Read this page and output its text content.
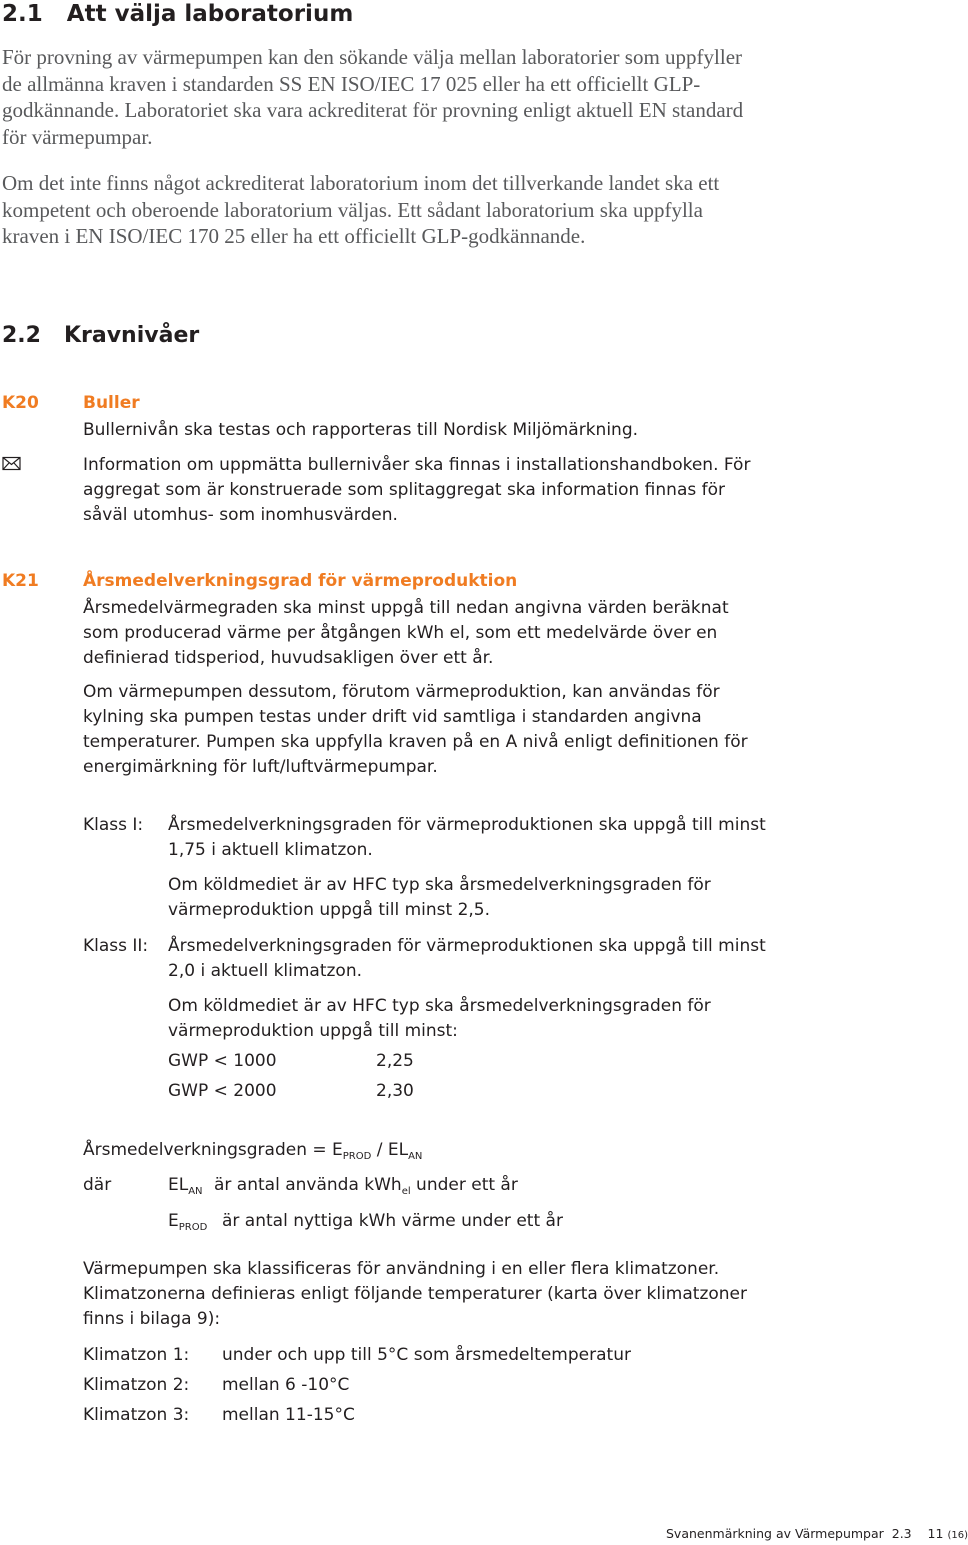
2.1 Att välja laboratorium

För provning av värmepumpen kan den sökande välja mellan laboratorier som uppfyller de allmänna kraven i standarden SS EN ISO/IEC 17 025 eller ha ett officiellt GLP-godkännande. Laboratoriet ska vara ackrediterat för provning enligt aktuell EN standard för värmepumpar.

Om det inte finns något ackrediterat laboratorium inom det tillverkande landet ska ett kompetent och oberoende laboratorium väljas. Ett sådant laboratorium ska uppfylla kraven i EN ISO/IEC 170 25 eller ha ett officiellt GLP-godkännande.

2.2 Kravnivåer
K20	Buller

Bullernivån ska testas och rapporteras till Nordisk Miljömärkning.

Information om uppmätta bullernivåer ska finnas i installationshandboken. För aggregat som är konstruerade som splitaggregat ska information finnas för såväl utomhus- som inomhusvärden.

K21	Årsmedelverkningsgrad för värmeproduktion

Årsmedelvärmegraden ska minst uppgå till nedan angivna värden beräknat som producerad värme per åtgången kWh el, som ett medelvärde över en definierad tidsperiod, huvudsakligen över ett år.

Om värmepumpen dessutom, förutom värmeproduktion, kan användas för kylning ska pumpen testas under drift vid samtliga i standarden angivna temperaturer. Pumpen ska uppfylla kraven på en A nivå enligt definitionen för energimärkning för luft/luftvärmepumpar.

Klass I: Årsmedelverkningsgraden för värmeproduktionen ska uppgå till minst 1,75 i aktuell klimatzon.

Om köldmediet är av HFC typ ska årsmedelverkningsgraden för värmeproduktion uppgå till minst 2,5.

Klass II: Årsmedelverkningsgraden för värmeproduktionen ska uppgå till minst 2,0 i aktuell klimatzon.

Om köldmediet är av HFC typ ska årsmedelverkningsgraden för värmeproduktion uppgå till minst:

GWP < 1000	2,25
GWP < 2000	2,30
Årsmedelverkningsgraden = $E_{PROD} / EL_{AN}$
där	$EL_{AN}$ är antal använda kWh$_{el}$ under ett år
$E_{PROD}$ är antal nyttiga kWh värme under ett år

Värmepumpen ska klassificeras för användning i en eller flera klimatzoner. Klimatzonerna definieras enligt följande temperaturer (karta över klimatzoner finns i bilaga 9):

Klimatzon 1: under och upp till 5°C som årsmedeltemperatur
Klimatzon 2: mellan 6 -10°C
Klimatzon 3: mellan 11-15°C
Svanenmärkning av Värmepumpar 2.3 11 (16)
